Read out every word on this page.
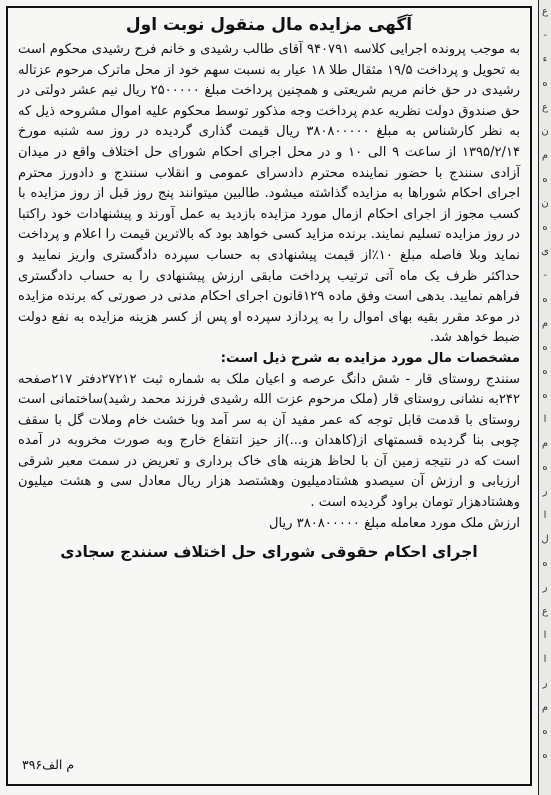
ع
-
ء
ه
ع
ن
م
ه
ن
ه
ی
-
ه
م
ه
ه
ه
ا
م
ه
ر
ا
ل
ه
ر
ع
ا
ا
ر
م
ه
ه
آگهی مزایده مال منقول نوبت اول

به موجب پرونده اجرایی کلاسه ۹۴۰۷۹۱ آقای طالب رشیدی و خانم فرح رشیدی محکوم است به تحویل و پرداخت ۱۹/۵ مثقال طلا ۱۸ عیار به نسبت سهم خود از محل ماترک مرحوم عزتاله رشیدی در حق خانم مریم شریعتی و همچنین پرداخت مبلغ ۲۵۰۰۰۰۰ ریال نیم عشر دولتی در حق صندوق دولت نظریه عدم پرداخت وجه مذکور توسط محکوم علیه اموال مشروحه ذیل که به نظر کارشناس به مبلغ ۳۸۰۸۰۰۰۰۰ ریال قیمت گذاری گردیده در روز سه شنبه مورخ ۱۳۹۵/۲/۱۴ از ساعت ۹ الی ۱۰ و در محل اجرای احکام شورای حل اختلاف واقع در میدان آزادی سنندج با حضور نماینده محترم دادسرای عمومی و انقلاب سنندج و دادورز محترم اجرای احکام شوراها به مزایده گذاشته میشود. طالبین میتوانند پنج روز قبل از روز مزایده با کسب مجوز از اجرای احکام ازمال مورد مزایده بازدید به عمل آورند و پیشنهادات خود راکتبا در روز مزایده تسلیم نمایند. برنده مزاید کسی خواهد بود که بالاترین قیمت را اعلام و پرداخت نماید وبلا فاصله مبلغ ۱۰٪از قیمت پیشنهادی به حساب سپرده دادگستری واریز نمایید و حداکثر ظرف یک ماه آتی ترتیب پرداخت مابقی ارزش پیشنهادی را به حساب دادگستری فراهم نمایید. بدهی است وفق ماده ۱۲۹قانون اجرای احکام مدنی در صورتی که برنده مزایده در موعد مقرر بقیه بهای اموال را به پردازد سپرده او پس از کسر هزینه مزایده به نفع دولت ضبط خواهد شد.

مشخصات مال مورد مزایده به شرح ذیل است:

سنندج روستای قار - شش دانگ عرصه و اعیان ملک به شماره ثبت ۲۷۲۱۲دفتر ۲۱۷صفحه ۲۴۲به نشانی روستای قار (ملک مرحوم عزت الله رشیدی فرزند محمد رشید)ساختمانی است روستای با قدمت قابل توجه که عمر مفید آن به سر آمد وبا خشت خام وملات گل با سقف چوبی بنا گردیده قسمتهای از(کاهدان و...)از حیز انتفاع خارج وبه صورت مخروبه در آمده است که در نتیجه زمین آن با لحاظ هزینه های خاک برداری و تعریض در سمت معبر شرقی ارزیابی و ارزش آن سیصدو هشتادمیلیون وهشتصد هزار ریال معادل سی و هشت میلیون وهشتادهزار تومان براود گردیده است .

ارزش ملک مورد معامله مبلغ ۳۸۰۸۰۰۰۰۰ ریال

اجرای احکام حقوقی شورای حل اختلاف سنندج سجادی
م الف۳۹۶
